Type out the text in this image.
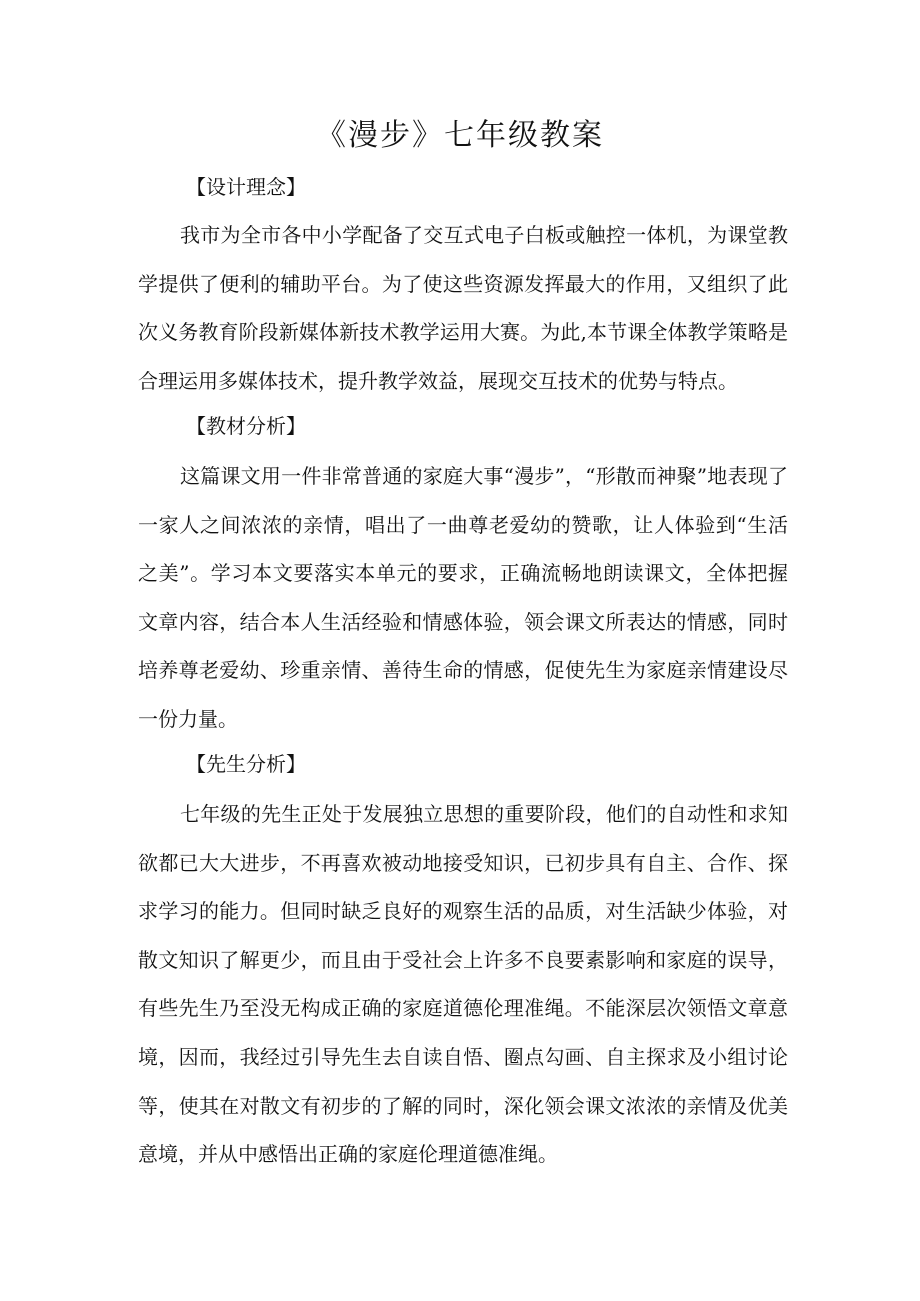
《漫步》七年级教案
【设计理念】

我市为全市各中小学配备了交互式电子白板或触控一体机，为课堂教学提供了便利的辅助平台。为了使这些资源发挥最大的作用，又组织了此次义务教育阶段新媒体新技术教学运用大赛。为此,本节课全体教学策略是合理运用多媒体技术，提升教学效益，展现交互技术的优势与特点。

【教材分析】

这篇课文用一件非常普通的家庭大事“漫步”，“形散而神聚”地表现了一家人之间浓浓的亲情，唱出了一曲尊老爱幼的赞歌，让人体验到“生活之美”。学习本文要落实本单元的要求，正确流畅地朗读课文，全体把握文章内容，结合本人生活经验和情感体验，领会课文所表达的情感，同时培养尊老爱幼、珍重亲情、善待生命的情感，促使先生为家庭亲情建设尽一份力量。

【先生分析】

七年级的先生正处于发展独立思想的重要阶段，他们的自动性和求知欲都已大大进步，不再喜欢被动地接受知识，已初步具有自主、合作、探求学习的能力。但同时缺乏良好的观察生活的品质，对生活缺少体验，对散文知识了解更少，而且由于受社会上许多不良要素影响和家庭的误导，有些先生乃至没无构成正确的家庭道德伦理准绳。不能深层次领悟文章意境，因而，我经过引导先生去自读自悟、圈点勾画、自主探求及小组讨论等，使其在对散文有初步的了解的同时，深化领会课文浓浓的亲情及优美意境，并从中感悟出正确的家庭伦理道德准绳。
